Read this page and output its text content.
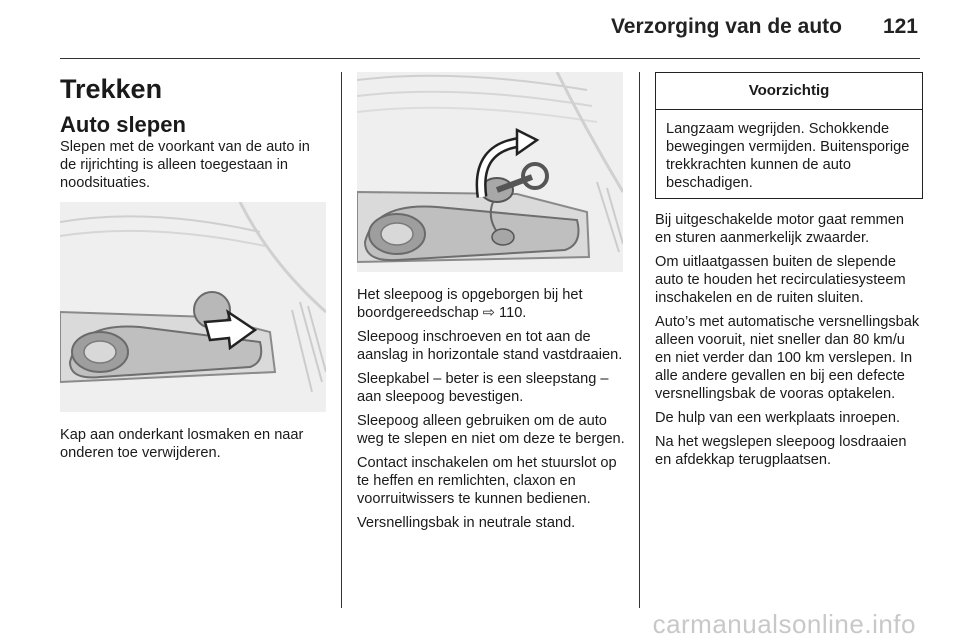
Verzorging van de auto 121
Trekken
Auto slepen

Slepen met de voorkant van de auto in de rijrichting is alleen toegestaan in noodsituaties.

Kap aan onderkant losmaken en naar onderen toe verwijderen.

Het sleepoog is opgeborgen bij het boordgereedschap ⇨ 110.

Sleepoog inschroeven en tot aan de aanslag in horizontale stand vastdraaien.

Sleepkabel – beter is een sleepstang – aan sleepoog bevestigen.

Sleepoog alleen gebruiken om de auto weg te slepen en niet om deze te bergen.

Contact inschakelen om het stuurslot op te heffen en remlichten, claxon en voorruitwissers te kunnen bedienen.

Versnellingsbak in neutrale stand.

Voorzichtig

Langzaam wegrijden. Schokkende bewegingen vermijden. Buitensporige trekkrachten kunnen de auto beschadigen.

Bij uitgeschakelde motor gaat remmen en sturen aanmerkelijk zwaarder.

Om uitlaatgassen buiten de slepende auto te houden het recirculatiesysteem inschakelen en de ruiten sluiten.

Auto’s met automatische versnellingsbak alleen vooruit, niet sneller dan 80 km/u en niet verder dan 100 km verslepen. In alle andere gevallen en bij een defecte versnellingsbak de vooras optakelen.

De hulp van een werkplaats inroepen.

Na het wegslepen sleepoog losdraaien en afdekkap terugplaatsen.

carmanualsonline.info
